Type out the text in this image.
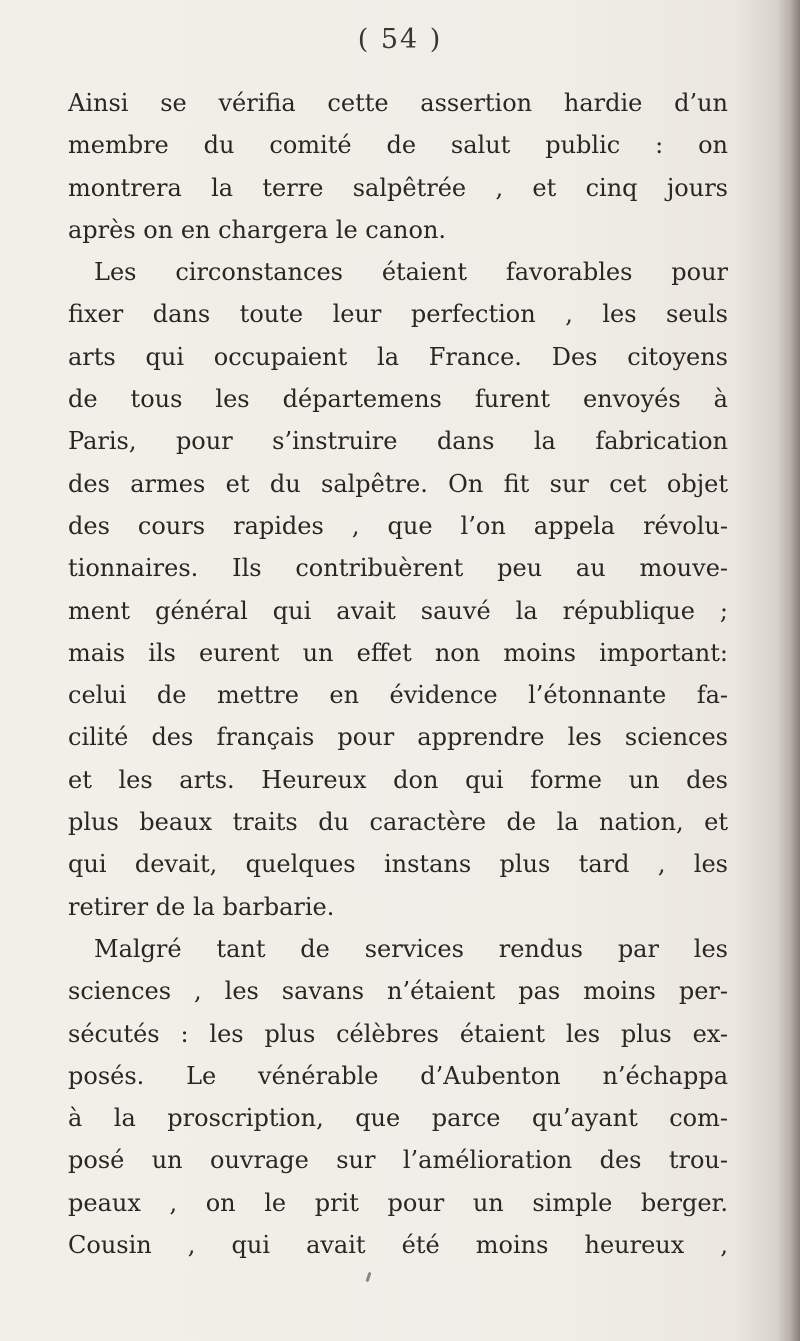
( 54 )
Ainsi se vérifia cette assertion hardie d’un
membre du comité de salut public : on
montrera la terre salpêtrée , et cinq jours
après on en chargera le canon.
Les circonstances étaient favorables pour
fixer dans toute leur perfection , les seuls
arts qui occupaient la France. Des citoyens
de tous les départemens furent envoyés à
Paris, pour s’instruire dans la fabrication
des armes et du salpêtre. On fit sur cet objet
des cours rapides , que l’on appela révolu-
tionnaires. Ils contribuèrent peu au mouve-
ment général qui avait sauvé la république ;
mais ils eurent un effet non moins important:
celui de mettre en évidence l’étonnante fa-
cilité des français pour apprendre les sciences
et les arts. Heureux don qui forme un des
plus beaux traits du caractère de la nation, et
qui devait, quelques instans plus tard , les
retirer de la barbarie.
Malgré tant de services rendus par les
sciences , les savans n’étaient pas moins per-
sécutés : les plus célèbres étaient les plus ex-
posés. Le vénérable d’Aubenton n’échappa
à la proscription, que parce qu’ayant com-
posé un ouvrage sur l’amélioration des trou-
peaux , on le prit pour un simple berger.
Cousin , qui avait été moins heureux ,
